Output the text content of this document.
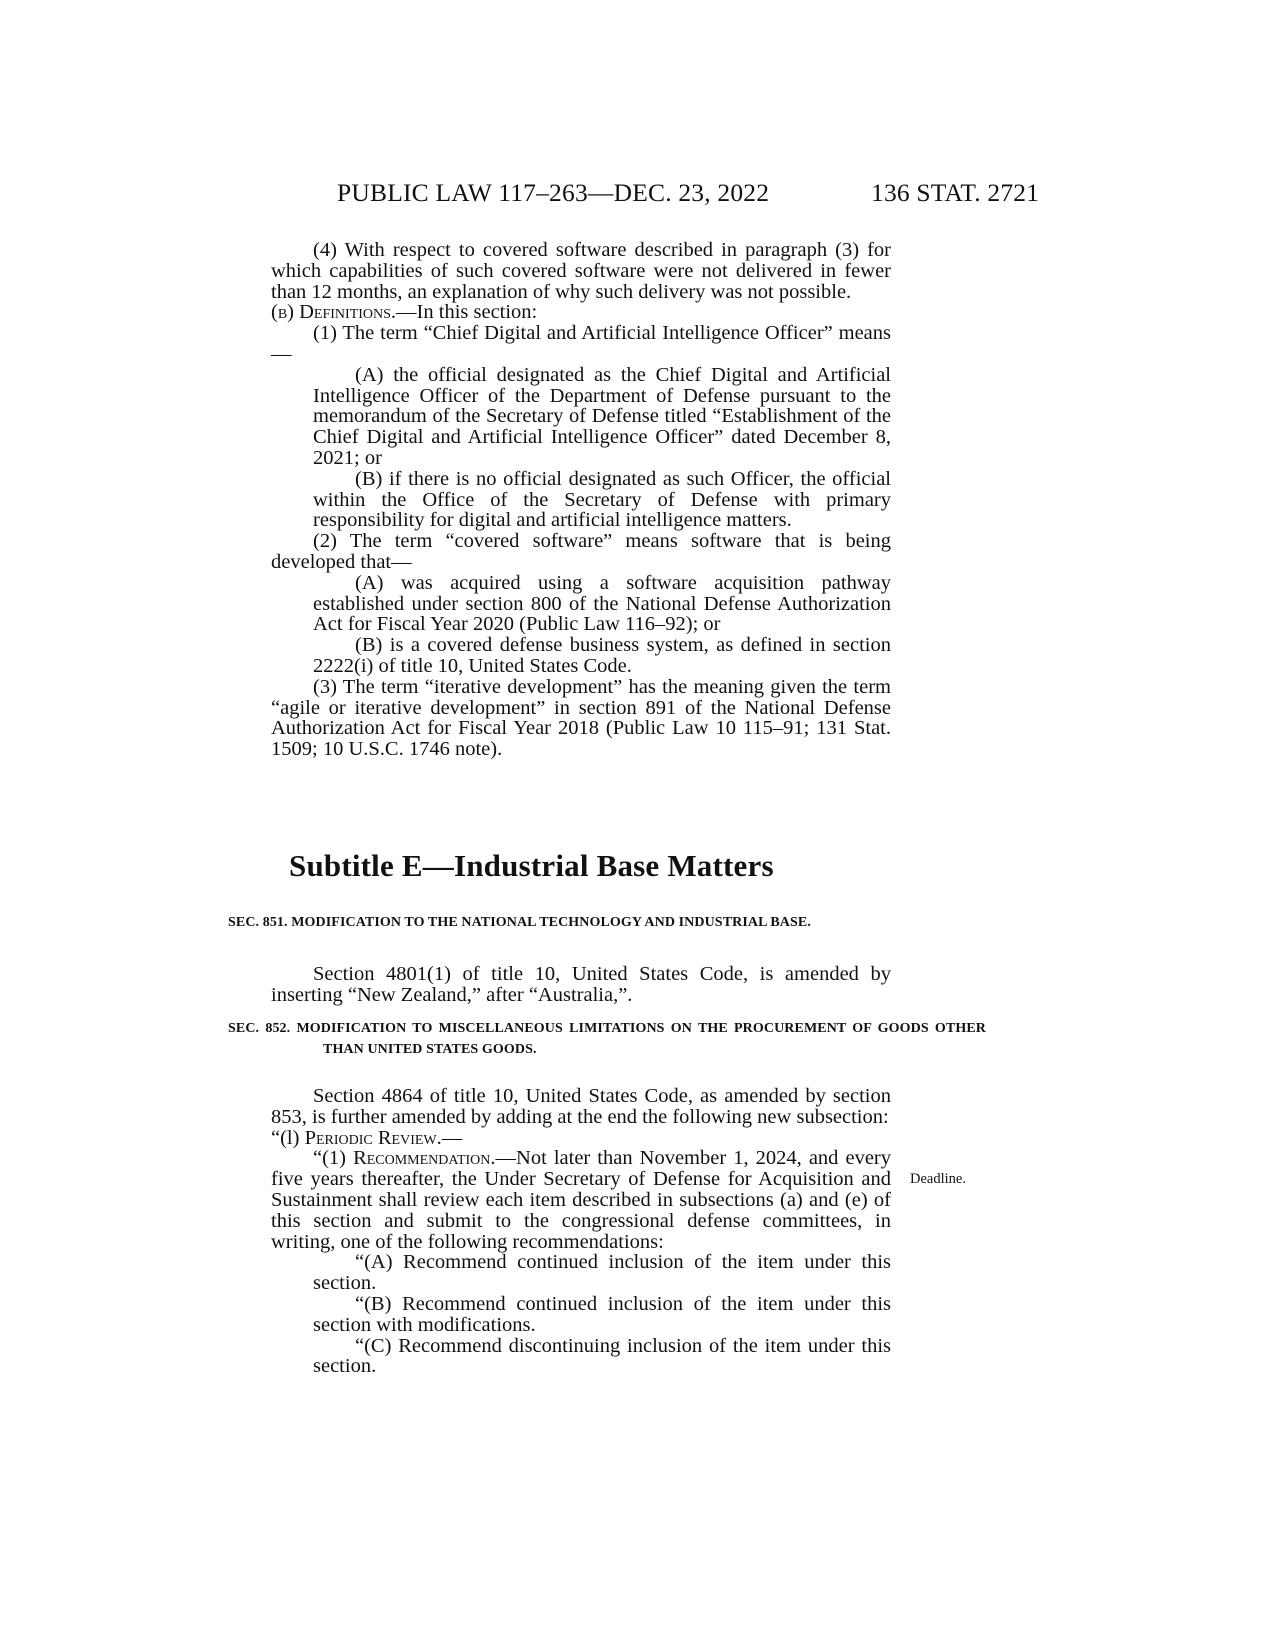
PUBLIC LAW 117–263—DEC. 23, 2022	136 STAT. 2721

(4) With respect to covered software described in paragraph (3) for which capabilities of such covered software were not delivered in fewer than 12 months, an explanation of why such delivery was not possible.

(b) Definitions.—In this section:

(1) The term “Chief Digital and Artificial Intelligence Officer” means—

(A) the official designated as the Chief Digital and Artificial Intelligence Officer of the Department of Defense pursuant to the memorandum of the Secretary of Defense titled “Establishment of the Chief Digital and Artificial Intelligence Officer” dated December 8, 2021; or

(B) if there is no official designated as such Officer, the official within the Office of the Secretary of Defense with primary responsibility for digital and artificial intelligence matters.

(2) The term “covered software” means software that is being developed that—

(A) was acquired using a software acquisition pathway established under section 800 of the National Defense Authorization Act for Fiscal Year 2020 (Public Law 116–92); or

(B) is a covered defense business system, as defined in section 2222(i) of title 10, United States Code.

(3) The term “iterative development” has the meaning given the term “agile or iterative development” in section 891 of the National Defense Authorization Act for Fiscal Year 2018 (Public Law 10 115–91; 131 Stat. 1509; 10 U.S.C. 1746 note).

Subtitle E—Industrial Base Matters

SEC. 851. MODIFICATION TO THE NATIONAL TECHNOLOGY AND INDUSTRIAL BASE.

Section 4801(1) of title 10, United States Code, is amended by inserting “New Zealand,” after “Australia,”.

SEC. 852. MODIFICATION TO MISCELLANEOUS LIMITATIONS ON THE PROCUREMENT OF GOODS OTHER THAN UNITED STATES GOODS.

Section 4864 of title 10, United States Code, as amended by section 853, is further amended by adding at the end the following new subsection:

“(l) Periodic Review.—

“(1) Recommendation.—Not later than November 1, 2024, and every five years thereafter, the Under Secretary of Defense for Acquisition and Sustainment shall review each item described in subsections (a) and (e) of this section and submit to the congressional defense committees, in writing, one of the following recommendations:

“(A) Recommend continued inclusion of the item under this section.

“(B) Recommend continued inclusion of the item under this section with modifications.

“(C) Recommend discontinuing inclusion of the item under this section.

Deadline.
